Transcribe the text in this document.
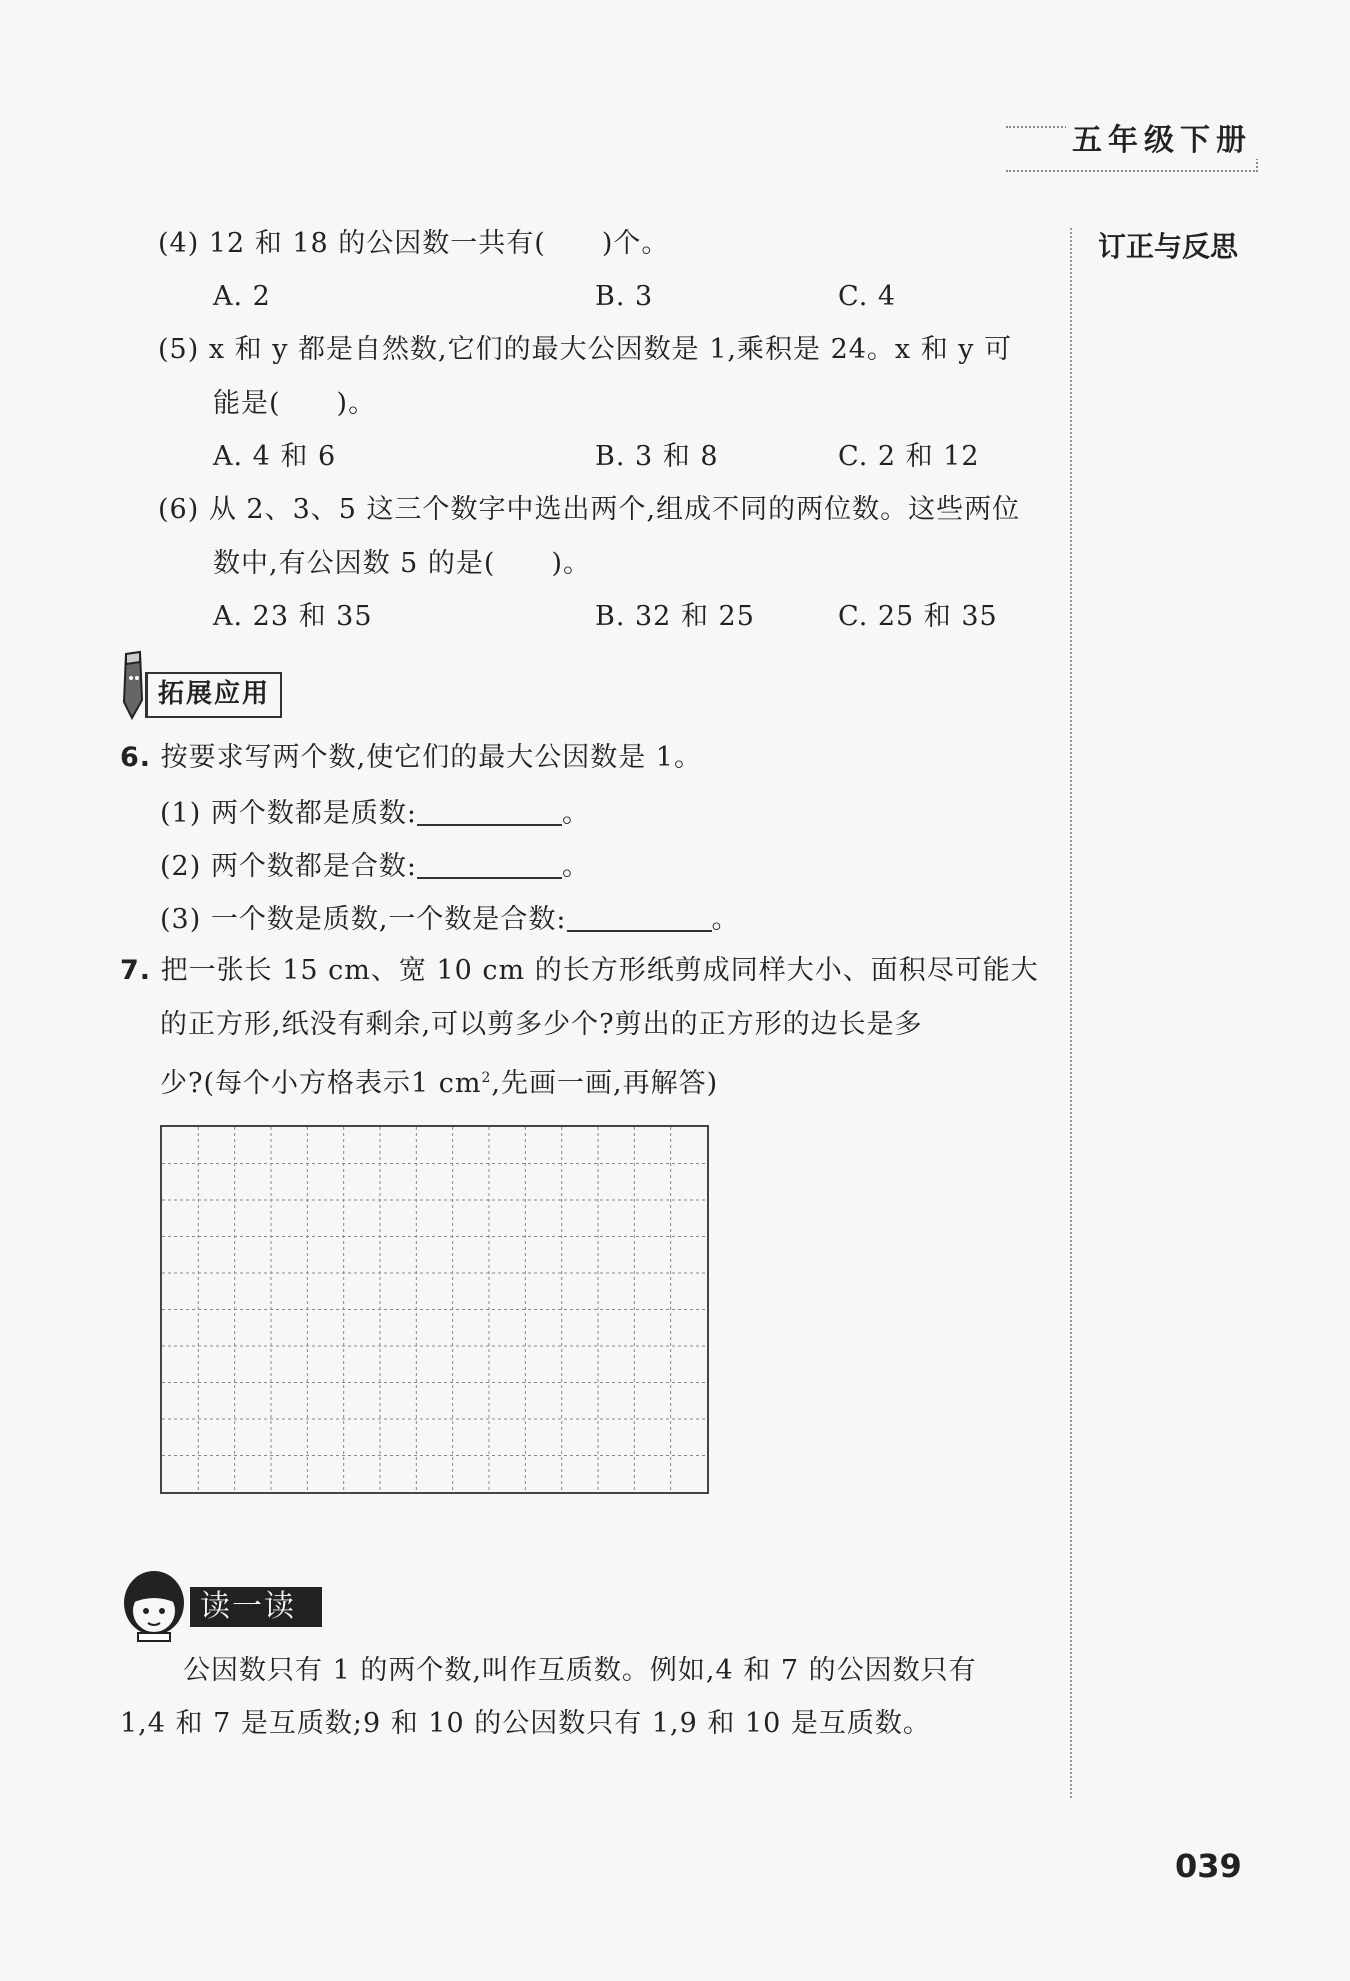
五年级下册
订正与反思
(4) 12 和 18 的公因数一共有(　　)个。
A. 2	B. 3	C. 4
(5) x 和 y 都是自然数,它们的最大公因数是 1,乘积是 24。x 和 y 可
能是(　　)。
A. 4 和 6	B. 3 和 8	C. 2 和 12
(6) 从 2、3、5 这三个数字中选出两个,组成不同的两位数。这些两位
数中,有公因数 5 的是(　　)。
A. 23 和 35	B. 32 和 25	C. 25 和 35
拓展应用
6. 按要求写两个数,使它们的最大公因数是 1。
(1) 两个数都是质数:	。
(2) 两个数都是合数:	。
(3) 一个数是质数,一个数是合数:	。
7. 把一张长 15 cm、宽 10 cm 的长方形纸剪成同样大小、面积尽可能大
的正方形,纸没有剩余,可以剪多少个?剪出的正方形的边长是多
少?(每个小方格表示1 $cm^2$,先画一画,再解答)
读一读
公因数只有 1 的两个数,叫作互质数。例如,4 和 7 的公因数只有
1,4 和 7 是互质数;9 和 10 的公因数只有 1,9 和 10 是互质数。
039
